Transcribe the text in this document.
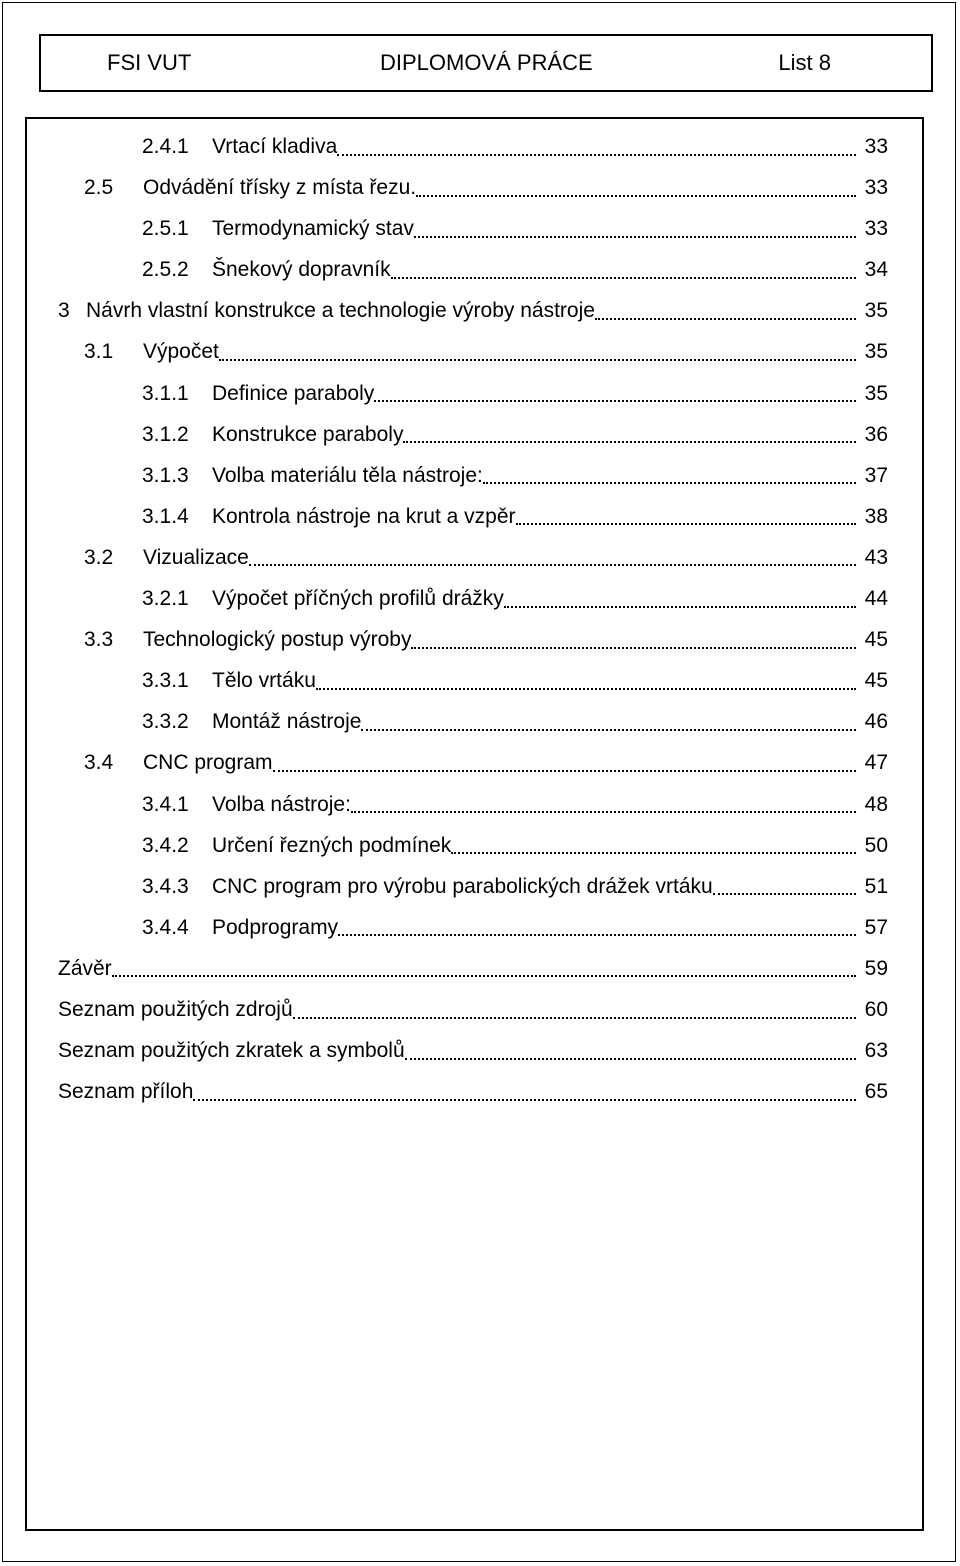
FSI VUT	DIPLOMOVÁ PRÁCE	List 8
2.4.1	Vrtací kladiva	33
2.5	Odvádění třísky z místa řezu.	33
2.5.1	Termodynamický stav	33
2.5.2	Šnekový dopravník	34
3 Návrh vlastní konstrukce a technologie výroby nástroje	35
3.1	Výpočet	35
3.1.1	Definice paraboly	35
3.1.2	Konstrukce paraboly	36
3.1.3	Volba materiálu těla nástroje:	37
3.1.4	Kontrola nástroje na krut a vzpěr	38
3.2	Vizualizace	43
3.2.1	Výpočet příčných profilů drážky	44
3.3	Technologický postup výroby	45
3.3.1	Tělo vrtáku	45
3.3.2	Montáž nástroje	46
3.4	CNC program	47
3.4.1	Volba nástroje:	48
3.4.2	Určení řezných podmínek	50
3.4.3	CNC program pro výrobu parabolických drážek vrtáku	51
3.4.4	Podprogramy	57
Závěr	59
Seznam použitých zdrojů	60
Seznam použitých zkratek a symbolů	63
Seznam příloh	65
